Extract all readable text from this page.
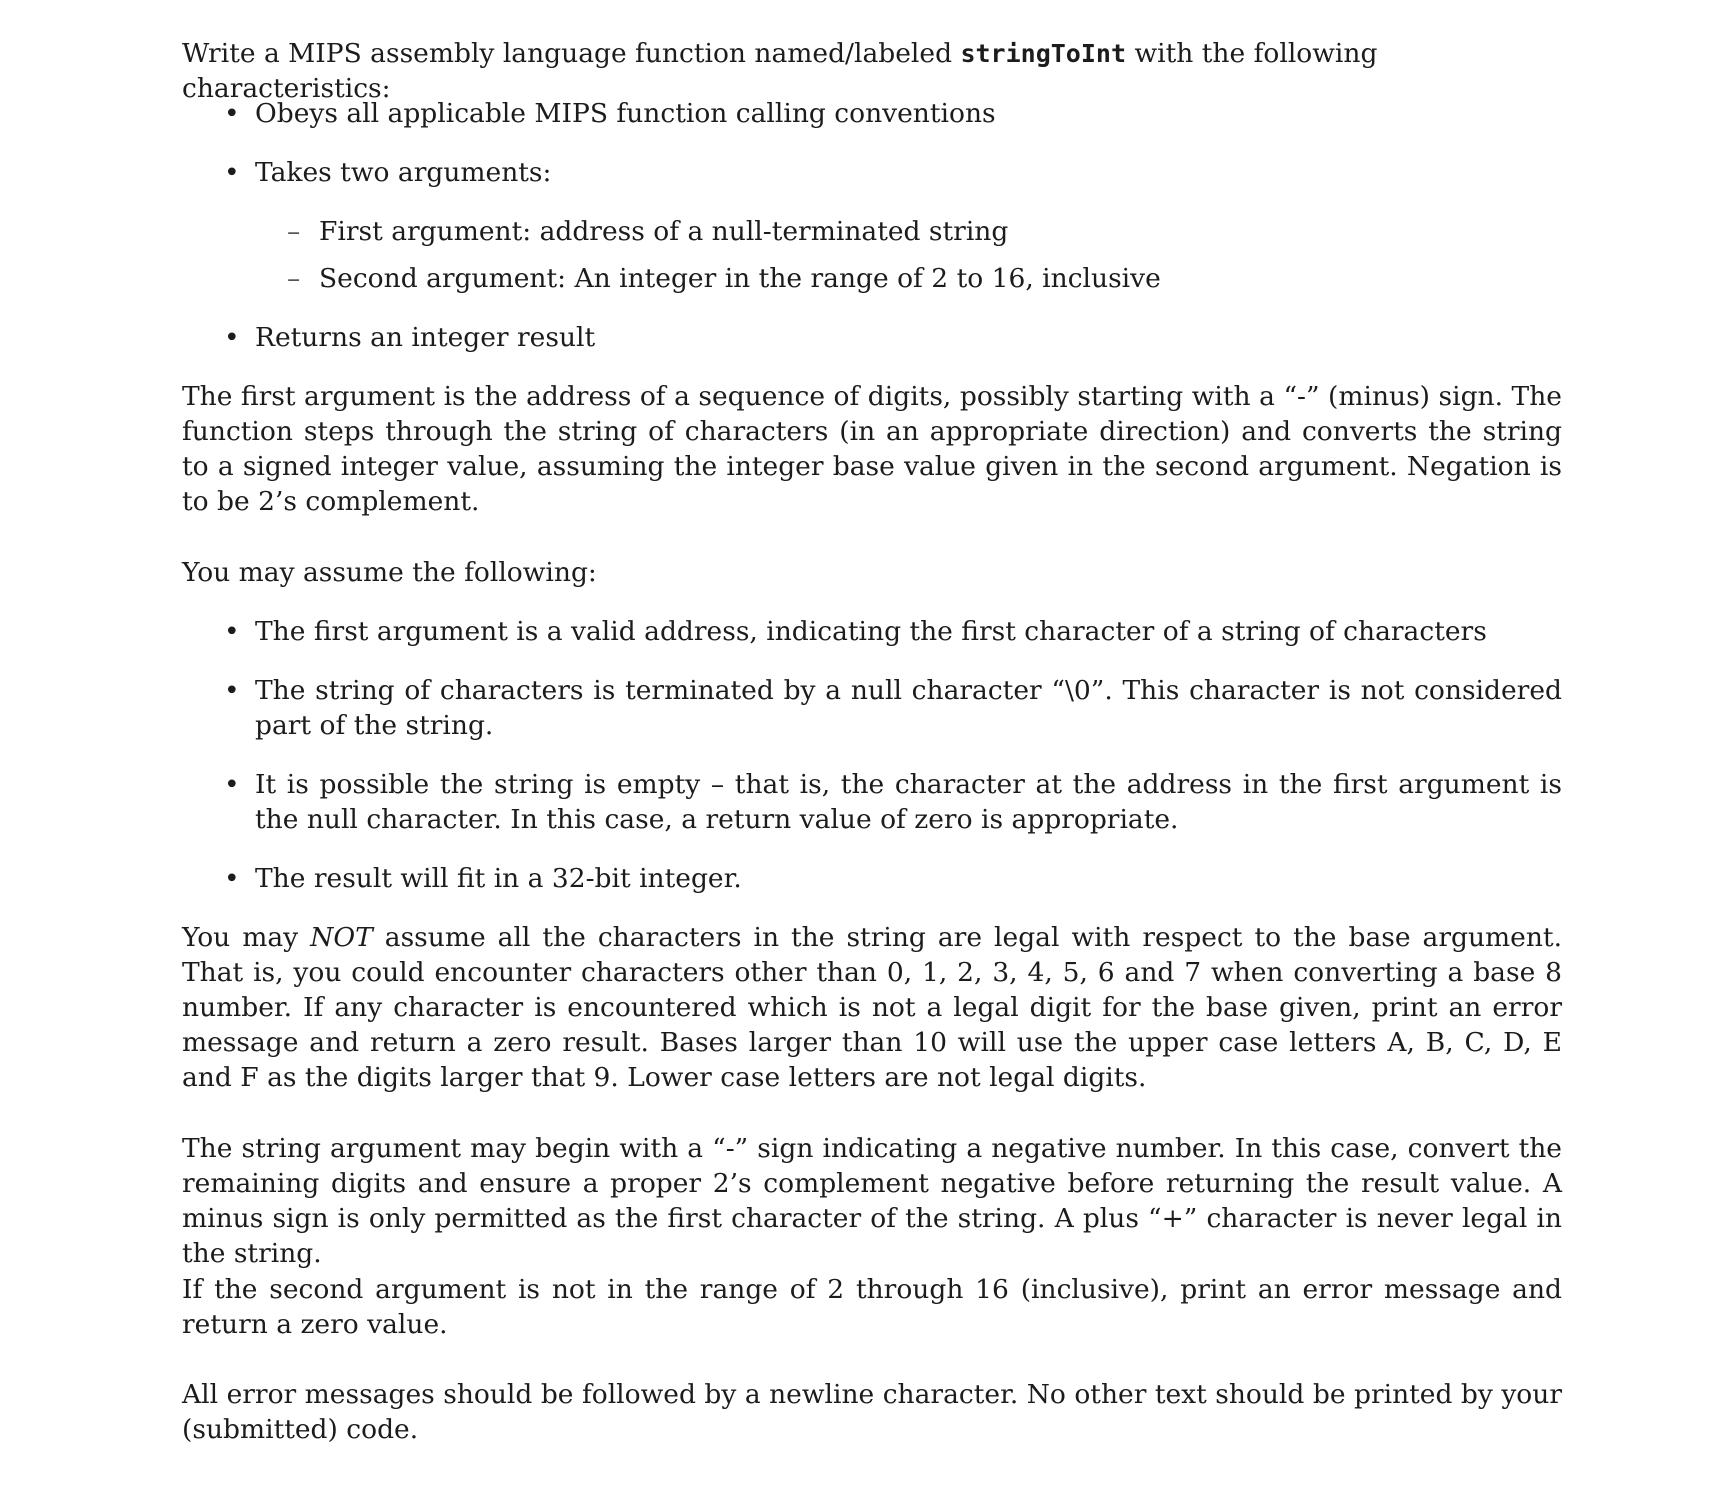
Write a MIPS assembly language function named/labeled stringToInt with the following characteristics:

• Obeys all applicable MIPS function calling conventions
• Takes two arguments:
– First argument: address of a null-terminated string
– Second argument: An integer in the range of 2 to 16, inclusive
• Returns an integer result

The first argument is the address of a sequence of digits, possibly starting with a “-” (minus) sign. The function steps through the string of characters (in an appropriate direction) and converts the string to a signed integer value, assuming the integer base value given in the second argument. Negation is to be 2’s complement.

You may assume the following:

• The first argument is a valid address, indicating the first character of a string of characters
• The string of characters is terminated by a null character “\0”. This character is not considered part of the string.
• It is possible the string is empty – that is, the character at the address in the first argument is the null character. In this case, a return value of zero is appropriate.
• The result will fit in a 32-bit integer.

You may NOT assume all the characters in the string are legal with respect to the base argument. That is, you could encounter characters other than 0, 1, 2, 3, 4, 5, 6 and 7 when converting a base 8 number. If any character is encountered which is not a legal digit for the base given, print an error message and return a zero result. Bases larger than 10 will use the upper case letters A, B, C, D, E and F as the digits larger that 9. Lower case letters are not legal digits.

The string argument may begin with a “-” sign indicating a negative number. In this case, convert the remaining digits and ensure a proper 2’s complement negative before returning the result value. A minus sign is only permitted as the first character of the string. A plus “+” character is never legal in the string.

If the second argument is not in the range of 2 through 16 (inclusive), print an error message and return a zero value.

All error messages should be followed by a newline character. No other text should be printed by your (submitted) code.
